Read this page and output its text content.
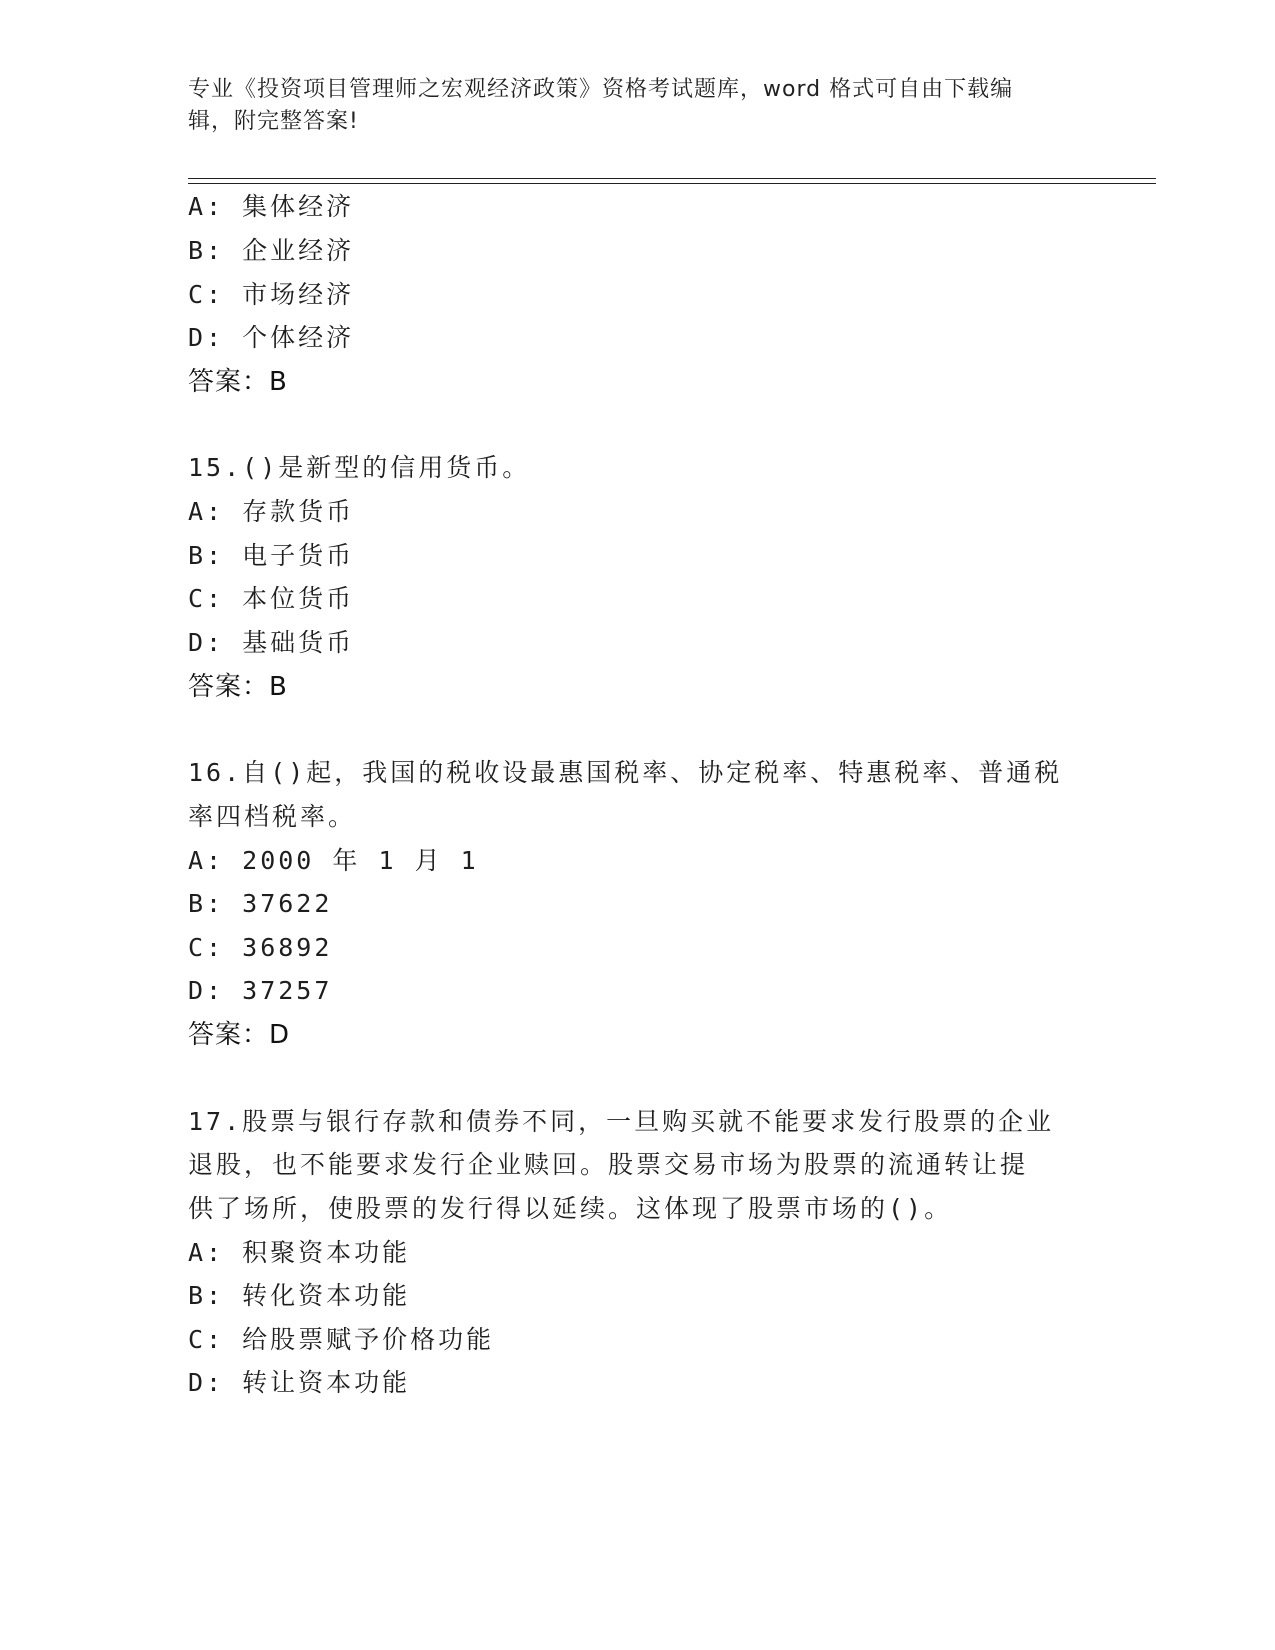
专业《投资项目管理师之宏观经济政策》资格考试题库，word 格式可自由下载编
辑，附完整答案!
A: 集体经济
B: 企业经济
C: 市场经济
D: 个体经济
答案：B
15.()是新型的信用货币。
A: 存款货币
B: 电子货币
C: 本位货币
D: 基础货币
答案：B
16.自()起，我国的税收设最惠国税率、协定税率、特惠税率、普通税
率四档税率。
A: 2000 年 1 月 1
B: 37622
C: 36892
D: 37257
答案：D
17.股票与银行存款和债券不同，一旦购买就不能要求发行股票的企业
退股，也不能要求发行企业赎回。股票交易市场为股票的流通转让提
供了场所，使股票的发行得以延续。这体现了股票市场的()。
A: 积聚资本功能
B: 转化资本功能
C: 给股票赋予价格功能
D: 转让资本功能
